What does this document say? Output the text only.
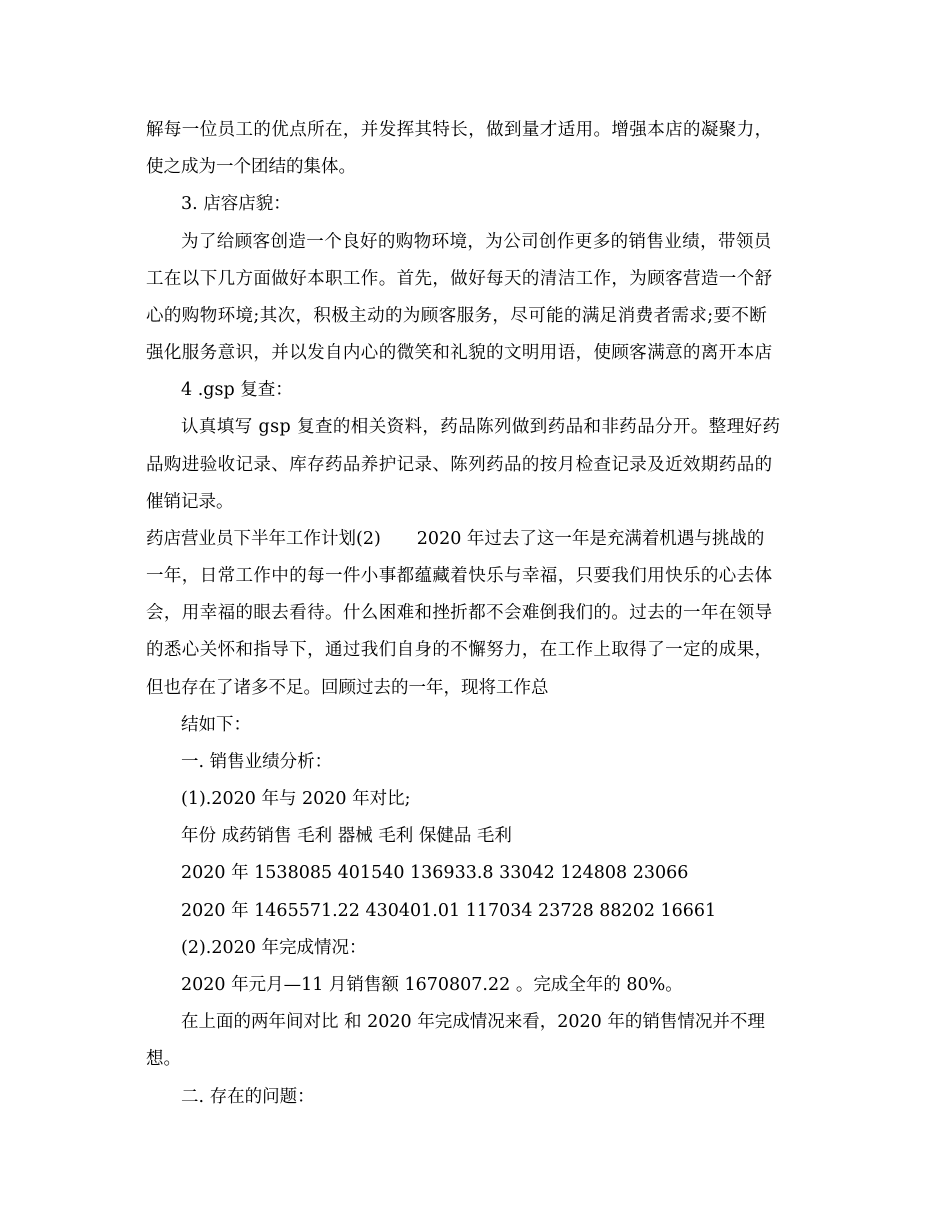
解每一位员工的优点所在，并发挥其特长，做到量才适用。增强本店的凝聚力，
使之成为一个团结的集体。
3. 店容店貌：
为了给顾客创造一个良好的购物环境，为公司创作更多的销售业绩，带领员
工在以下几方面做好本职工作。首先，做好每天的清洁工作，为顾客营造一个舒
心的购物环境;其次，积极主动的为顾客服务，尽可能的满足消费者需求;要不断
强化服务意识，并以发自内心的微笑和礼貌的文明用语，使顾客满意的离开本店
4 .gsp 复查：
认真填写 gsp 复查的相关资料，药品陈列做到药品和非药品分开。整理好药
品购进验收记录、库存药品养护记录、陈列药品的按月检查记录及近效期药品的
催销记录。
药店营业员下半年工作计划(2) 2020 年过去了这一年是充满着机遇与挑战的
一年，日常工作中的每一件小事都蕴藏着快乐与幸福，只要我们用快乐的心去体
会，用幸福的眼去看待。什么困难和挫折都不会难倒我们的。过去的一年在领导
的悉心关怀和指导下，通过我们自身的不懈努力，在工作上取得了一定的成果，
但也存在了诸多不足。回顾过去的一年，现将工作总
结如下：
一. 销售业绩分析：
(1).2020 年与 2020 年对比;
年份 成药销售 毛利 器械 毛利 保健品 毛利
2020 年 1538085 401540 136933.8 33042 124808 23066
2020 年 1465571.22 430401.01 117034 23728 88202 16661
(2).2020 年完成情况：
2020 年元月—11 月销售额 1670807.22 。完成全年的 80%。
在上面的两年间对比 和 2020 年完成情况来看，2020 年的销售情况并不理
想。
二. 存在的问题：
